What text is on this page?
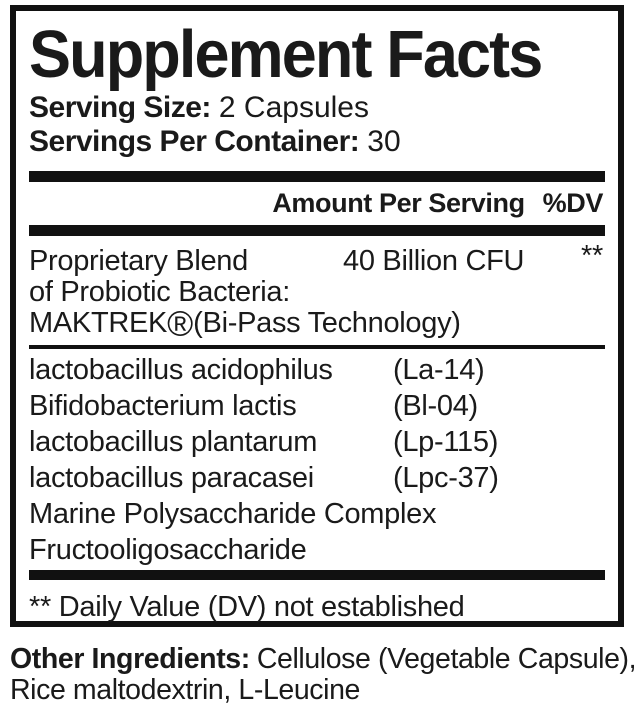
Supplement Facts
Serving Size: 2 Capsules
Servings Per Container: 30
Amount Per Serving %DV
Proprietary Blend
of Probiotic Bacteria:
MAKTREK®(Bi-Pass Technology)
40 Billion CFU **
lactobacillus acidophilus (La-14)
Bifidobacterium lactis	(Bl-04)
lactobacillus plantarum	(Lp-115)
lactobacillus paracasei	(Lpc-37)
Marine Polysaccharide Complex
Fructooligosaccharide
** Daily Value (DV) not established
Other Ingredients: Cellulose (Vegetable Capsule),
Rice maltodextrin, L-Leucine
